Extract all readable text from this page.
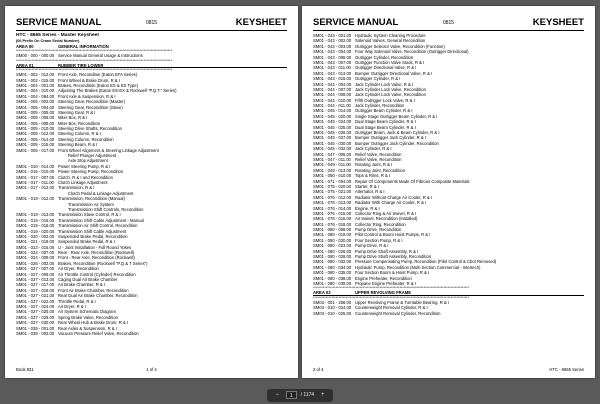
SERVICE MANUAL	0815	KEYSHEET
HTC - 8665 Series - Master Keysheet
(06 Prefix On Crane Serial Number)
AREA 00	GENERAL INFORMATION
**************************************************************************************************************
SM00 - 000 - 000.00 Service Manual General Usage & Instructions
**************************************************************************************************************
AREA 01	RUBBER TIRE LOWER
**************************************************************************************************************
SM01 - 002 - 012.00 Front Axle, Reconditon (Eaton EFA Series)
SM01 - 002 - 015.00 Front Wheel & Brake Drum, R & I
SM01 - 004 - 001.00 Brakes, Recondition (Eaton ES & ES Type)
SM01 - 004 - 010.00 Adjusting The Brakes (Eaton ES-EX & Rockwell "P.Q.T." Series)
SM01 - 004 - 064.00 Front Axle & Suspension, R & I
SM01 - 005 - 002.00 Steering Gear, Recondition (Master)
SM01 - 005 - 004.00 Steering Gear, Recondition (Slave)
SM01 - 005 - 005.00 Steering Gear, R & I
SM01 - 005 - 006.00 Miter Box, R & I
SM01 - 005 - 008.00 Miter Box, Recondition
SM01 - 005 - 010.00 Steering Drive Shafts, Recondition
SM01 - 005 - 012.00 Steering Column, R & I
SM01 - 005 - 014.00 Steering Column, Recondition
SM01 - 005 - 015.00 Steering Beam, R & I
SM01 - 005 - 017.00 Front Wheel Alignment & Steering Linkage Adjustment
Relief Plunger Adjustment
Axle Stop Adjustment
SM01 - 010 - 014.00 Power Steering Pump, R & I
SM01 - 015 - 010.00 Power Steering Pump, Recondition
SM01 - 017 - 007.00 Clutch, R & I and Recondition
SM01 - 017 - 011.00 Clutch Linkage Adjustment
SM01 - 017 - 012.00 Transmission, R & I
Clutch Pedal & Linkage Adjustment
SM01 - 019 - 012.00 Transmission, Recondition (Manual)
Transmission Air System
Transmission Shift Controls, Recondition
SM01 - 019 - 013.00 Transmission Slave Control, R & I
SM01 - 019 - 016.00 Transmission Shift Cable Adjustment - Manual
SM01 - 019 - 016.00 Transmission Air Shift Control, Recondition
SM01 - 019 - 020.00 Transmission Shift Cable Adjustment
SM01 - 020 - 002.00 Suspended Brake Pedal, Recondition
SM01 - 021 - 019.00 Suspended Brake Pedal, R & I
SM01 - 023 - 015.00 U - Joint Installation - Full Round Yokes
SM01 - 024 - 007.00 Rear - Rear Axle, Recondition (Rockwell)
SM01 - 024 - 009.00 Front - Rear Axle, Recondition (Rockwell)
SM01 - 026 - 002.00 Brakes, Recondition (Rockwell "P.Q & T Series")
SM01 - 027 - 007.00 Air Dryer, Recondition
SM01 - 027 - 009.00 Air Throttle Control (Cylinder) Recondition
SM01 - 027 - 013.00 Caging Dual Air Brake Chamber
SM01 - 027 - 017.00 Air Brake Chamber, R & I
SM01 - 027 - 019.00 Front Air Brake Chamber, Recondition
SM01 - 027 - 021.00 Rear Dual Air Brake Chamber, Recondition
SM01 - 027 - 022.00 Throttle Pedal, R & I
SM01 - 027 - 024.00 Air Dryer, R & I
SM01 - 027 - 025.00 Air System Schematic Diagram
SM01 - 027 - 029.00 Spring Brake Valve, Recondition
SM01 - 027 - 030.00 Rear Wheel Hub & Brake Drum, R & I
SM01 - 039 - 001.00 Rear Axles & Suspension, R & I
SM01 - 039 - 002.00 Vacuum Pressure Relief Valve, Recondition
Book 831	1 of 4
SERVICE MANUAL	0815	KEYSHEET
SM01 - 043 - 001.00 Hydraulic System Cleaning Procedure
SM01 - 043 - 002.00 Solenoid Valves, General Recondition
SM01 - 043 - 003.00 Outrigger Selector Valve, Recondition (Function)
SM01 - 043 - 004.00 Four Way Solenoid Valve, Recondition (Outrigger Directional)
SM01 - 043 - 006.00 Outrigger Cylinder, Recondition
SM01 - 043 - 007.00 Outrigger Function Valve Stack, R & I
SM01 - 043 - 011.00 Outrigger Directional Valve, R & I
SM01 - 043 - 013.00 Bumper Outrigger Directional Valve, R & I
SM01 - 043 - 015.00 Outrigger Cylinder, R & I
SM01 - 044 - 004.00 Jack Cylinder Lock Valve, R & I
SM01 - 044 - 007.00 Jack Cylinder Lock Valve, Recondition
SM01 - 044 - 008.00 Jack Cylinder Lock Valve, Recondition
SM01 - 044 - 010.00 Fifth Outrigger Lock Valve, R & I
SM01 - 044 - 011.00 Jack Cylinder, Recondition
SM01 - 045 - 014.00 Outrigger Beam Cylinder, R & I
SM01 - 045 - 020.00 Single Stage Outrigger Beam Cylinder, R & I
SM01 - 045 - 024.00 Dual Stage Beam Cylinder, R & I
SM01 - 045 - 025.00 Dual Stage Beam Cylinder, R & I
SM01 - 045 - 026.00 Outrigger Beam, Jack & Beam Cylinder, R & I
SM01 - 045 - 027.00 Bumper Outrigger Jack Cylinder, R & I
SM01 - 045 - 030.00 Bumper Outrigger Jack Cylinder, Recondition
SM01 - 045 - 032.00 Jack Cylinder, R & I
SM01 - 047 - 005.00 Relief Valve, Recondition
SM01 - 047 - 011.00 Relief Valve, Recondition
SM01 - 049 - 011.00 Rotating Joint, R & I
SM01 - 049 - 013.00 Rotating Joint, Recondition
SM01 - 050 - 010.00 Tops & Rims, R & I
SM01 - 071 - 004.00 Repair Of Components Made Of Fibrous Composite Materials
SM01 - 075 - 020.00 Starter, R & I
SM01 - 075 - 021.00 Alternator, R & I
SM01 - 076 - 012.00 Radiator Without Charge Air Cooler, R & I
SM01 - 076 - 013.00 Radiator With Charge Air Cooler, R & I
SM01 - 076 - 014.00 Engine, R & I
SM01 - 076 - 015.00 Collector Ring & Air Swivel, R & I
SM01 - 076 - 016.00 Air Swivel, Recondition (Installed)
SM01 - 076 - 018.00 Collector Ring, Recondition
SM01 - 080 - 008.00 Pump Drive, Recondition
SM01 - 080 - 019.00 Pilot Control & Boom Hoist Pumps, R & I
SM01 - 080 - 020.00 Four Section Pump, R & I
SM01 - 080 - 023.00 Pump Drive, R & I
SM01 - 080 - 026.00 Pump Drive Shaft Assembly, R & I
SM01 - 080 - 028.00 Pump Drive Shaft Assembly, Recondition
SM01 - 080 - 032.00 Pressure Compensating Pump, Recondition (Pilot Control & Cbot Removed)
SM01 - 080 - 034.00 Hydraulic Pump, Recondition (Multi Section Commercial - Intertech)
SM01 - 080 - 035.00 Four Section Boom & Hoist Pump, R & I
SM01 - 080 - 038.00 Engine Preheater, Recondition
SM01 - 080 - 039.00 Propane Engine Preheater, R & I
**************************************************************************************************************
AREA 03	UPPER REVOLVING FRAME
**************************************************************************************************************
SM03 - 001 - 256.00 Upper Revolving Frame & Turntable Bearing, R & I
SM03 - 010 - 024.00 Counterweight Removal Cylinder, R & I
SM03 - 010 - 025.00 Counterweight Removal Cylinder, Recondition
2 of 4	HTC - 8665 Series
−	1	/ 1174	+
